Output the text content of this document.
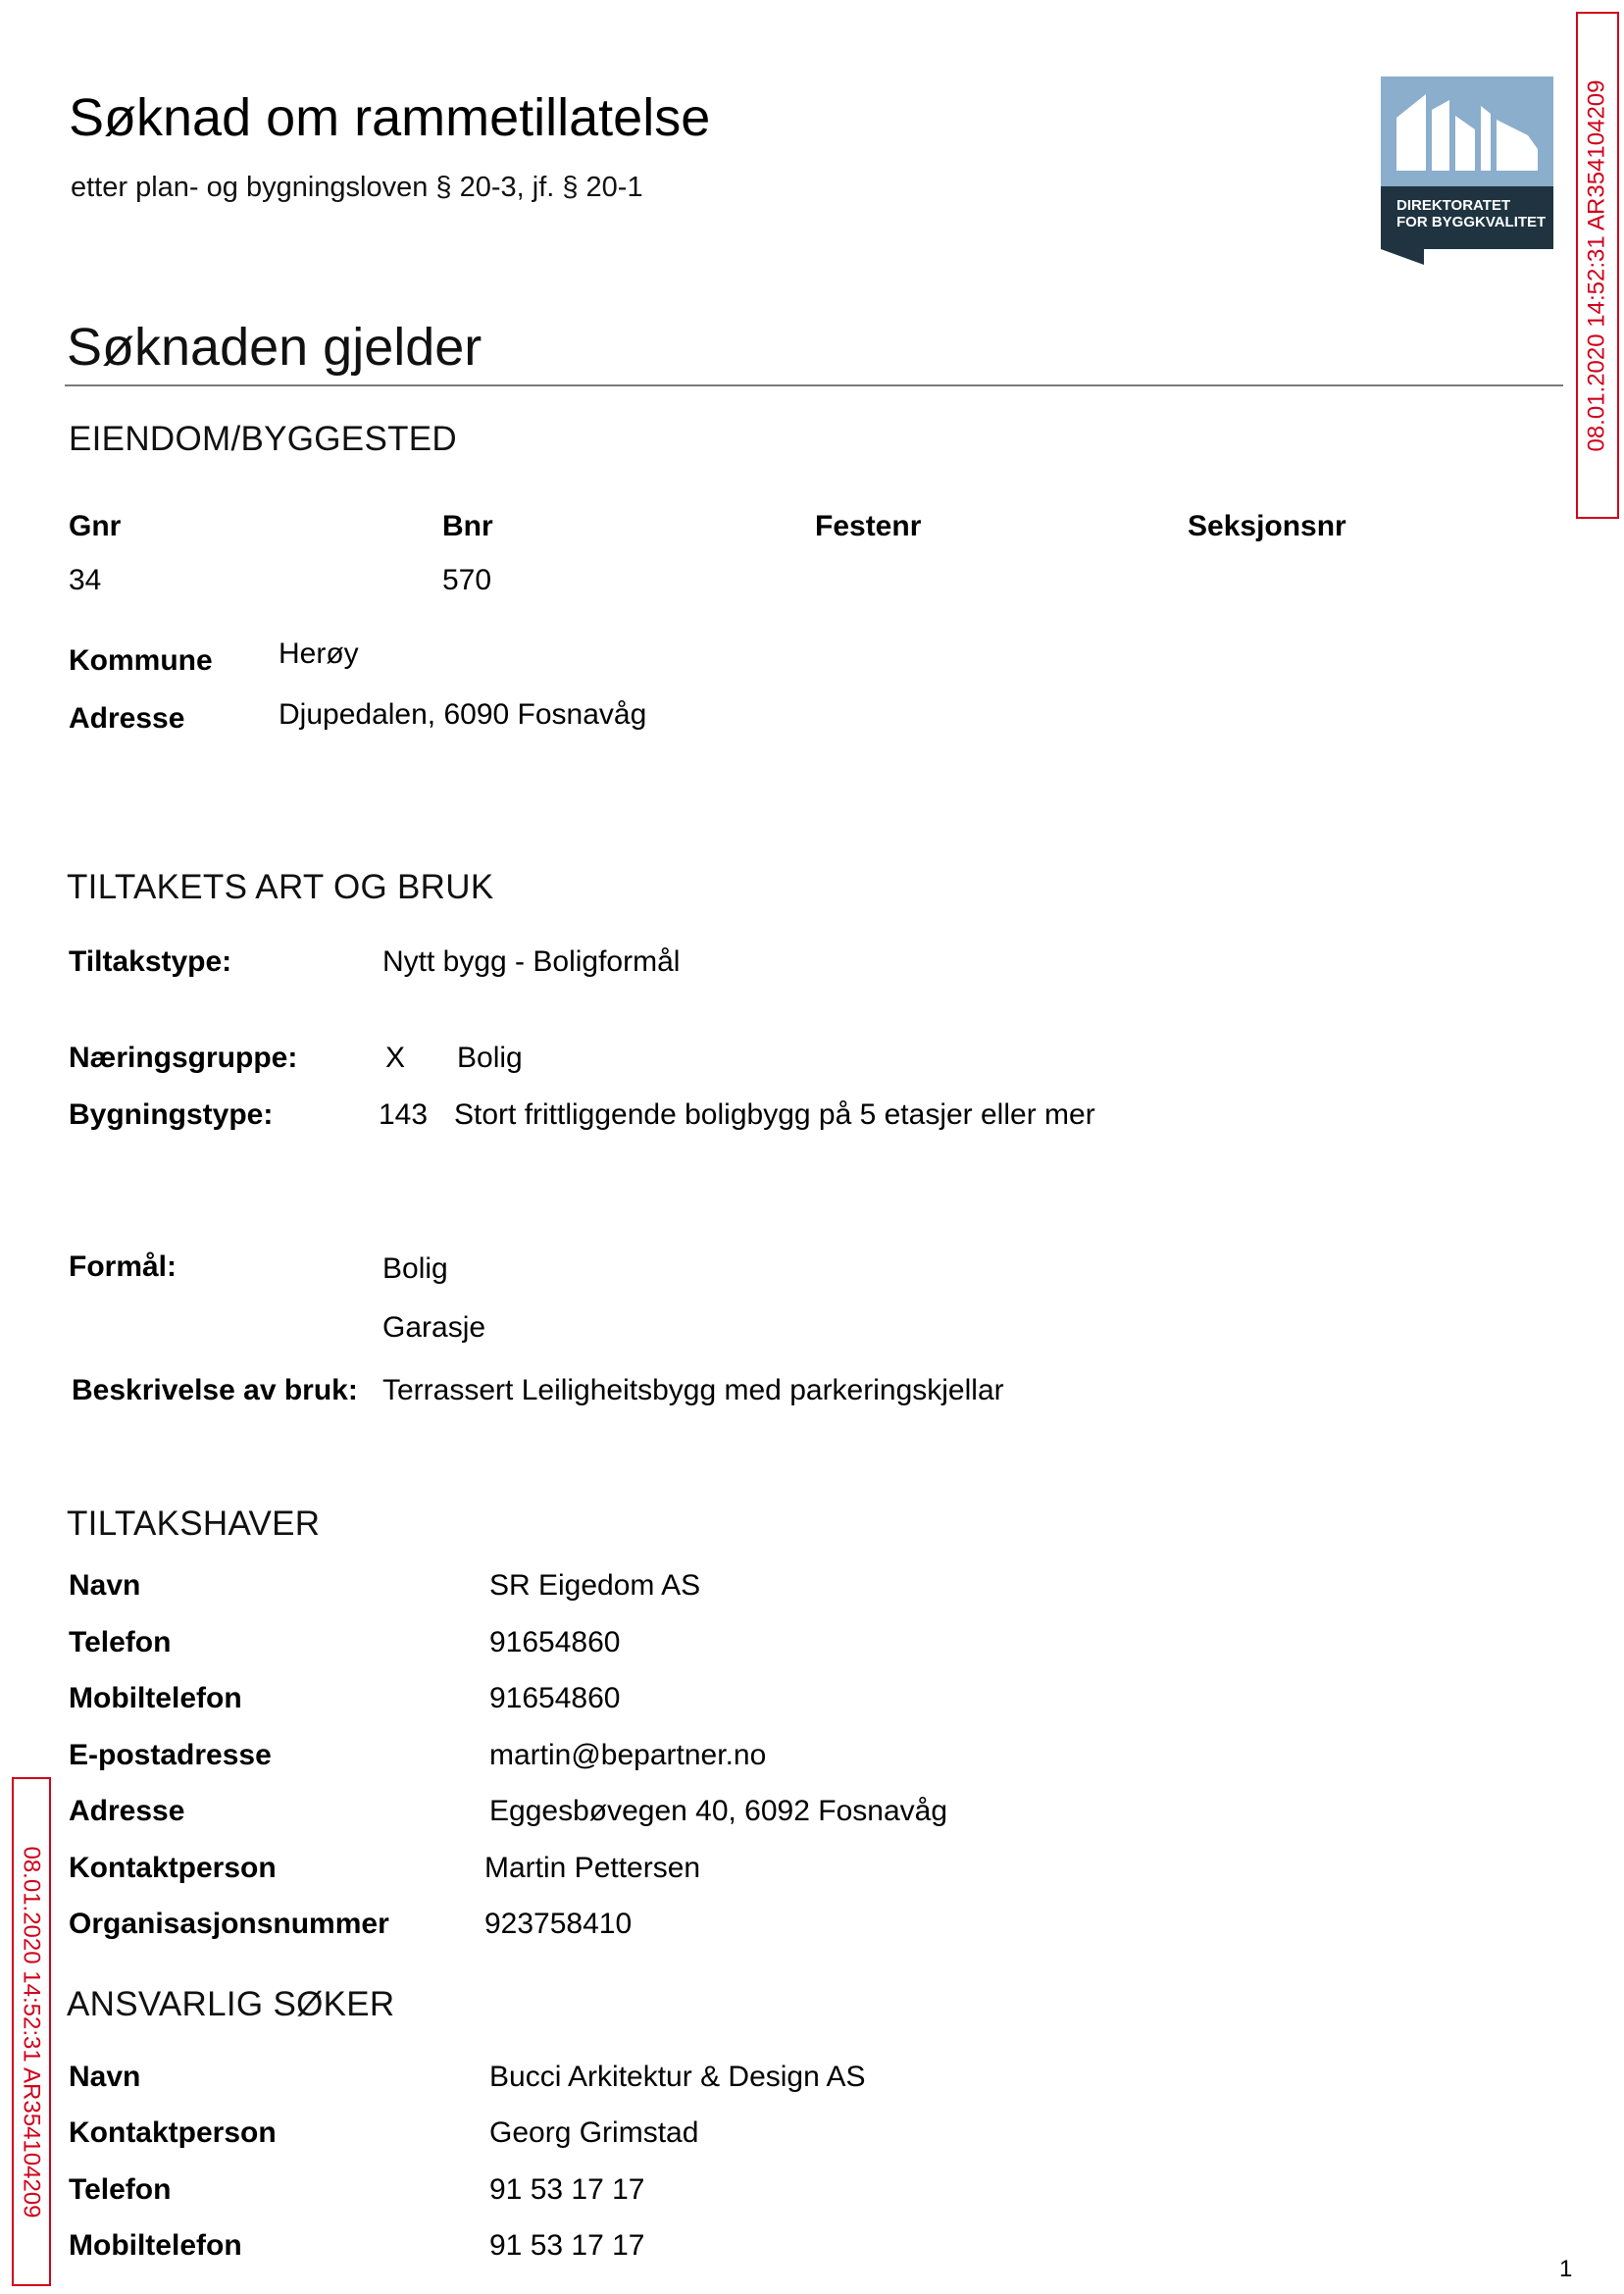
Søknad om rammetillatelse
etter plan- og bygningsloven § 20-3, jf. § 20-1
DIREKTORATET
FOR BYGGKVALITET 08.01.2020 14:52:31 AR354104209
08.01.2020 14:52:31 AR354104209
Søknaden gjelder
EIENDOM/BYGGESTED
Gnr	Bnr	Festenr	Seksjonsnr
34	570
Kommune Herøy
Adresse	Djupedalen, 6090 Fosnavåg
TILTAKETS ART OG BRUK
Tiltakstype:	Nytt bygg - Boligformål
Næringsgruppe:	X Bolig
Bygningstype:	143 Stort frittliggende boligbygg på 5 etasjer eller mer
Formål:	Bolig
Garasje
Beskrivelse av bruk: Terrassert Leiligheitsbygg med parkeringskjellar
TILTAKSHAVER
Navn	SR Eigedom AS
Telefon	91654860
Mobiltelefon	91654860
E-postadresse	martin@bepartner.no
Adresse	Eggesbøvegen 40, 6092 Fosnavåg
Kontaktperson	Martin Pettersen
Organisasjonsnummer	923758410
ANSVARLIG SØKER
Navn	Bucci Arkitektur & Design AS
Kontaktperson	Georg Grimstad
Telefon	91 53 17 17
Mobiltelefon	91 53 17 17
1
